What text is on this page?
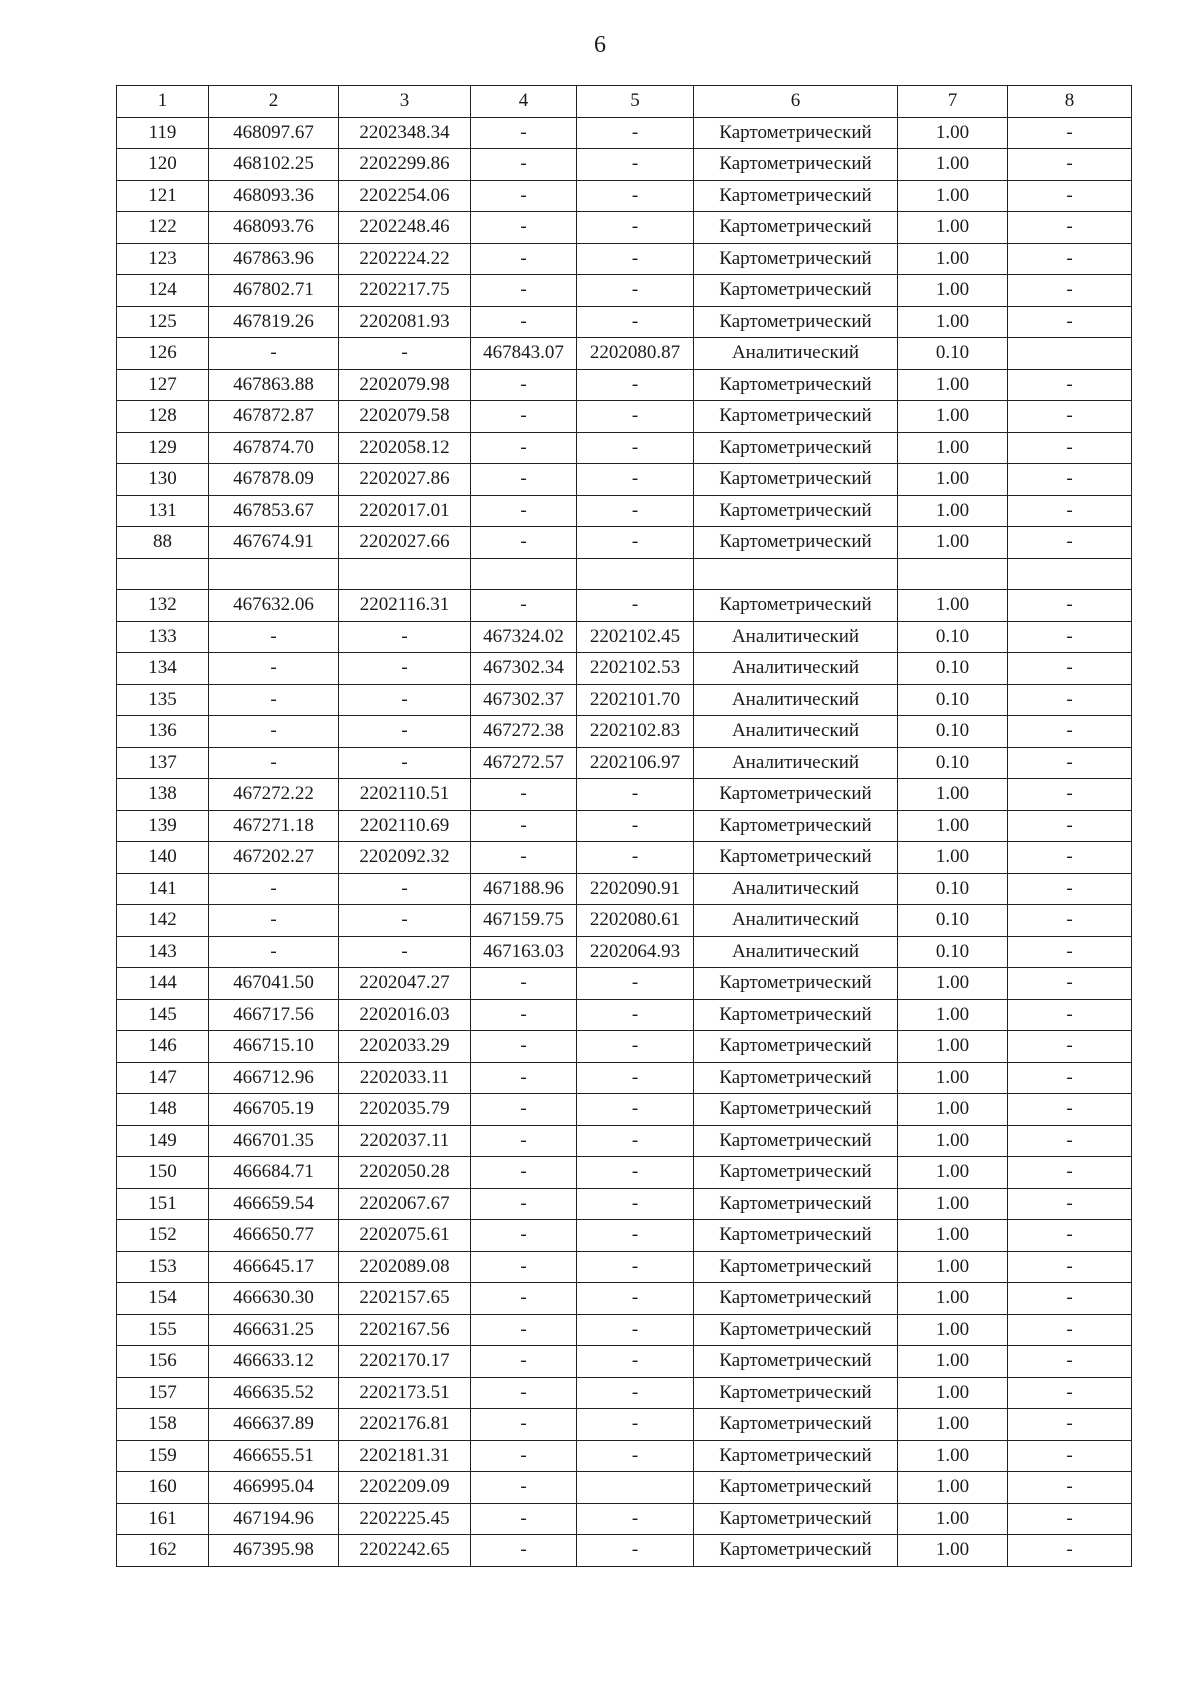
6
1	2	3	4	5	6	7	8
119	468097.67	2202348.34	-	-	Картометрический	1.00	-
120	468102.25	2202299.86	-	-	Картометрический	1.00	-
121	468093.36	2202254.06	-	-	Картометрический	1.00	-
122	468093.76	2202248.46	-	-	Картометрический	1.00	-
123	467863.96	2202224.22	-	-	Картометрический	1.00	-
124	467802.71	2202217.75	-	-	Картометрический	1.00	-
125	467819.26	2202081.93	-	-	Картометрический	1.00	-
126	-	-	467843.07	2202080.87	Аналитический	0.10	
127	467863.88	2202079.98	-	-	Картометрический	1.00	-
128	467872.87	2202079.58	-	-	Картометрический	1.00	-
129	467874.70	2202058.12	-	-	Картометрический	1.00	-
130	467878.09	2202027.86	-	-	Картометрический	1.00	-
131	467853.67	2202017.01	-	-	Картометрический	1.00	-
88	467674.91	2202027.66	-	-	Картометрический	1.00	-

132	467632.06	2202116.31	-	-	Картометрический	1.00	-
133	-	-	467324.02	2202102.45	Аналитический	0.10	-
134	-	-	467302.34	2202102.53	Аналитический	0.10	-
135	-	-	467302.37	2202101.70	Аналитический	0.10	-
136	-	-	467272.38	2202102.83	Аналитический	0.10	-
137	-	-	467272.57	2202106.97	Аналитический	0.10	-
138	467272.22	2202110.51	-	-	Картометрический	1.00	-
139	467271.18	2202110.69	-	-	Картометрический	1.00	-
140	467202.27	2202092.32	-	-	Картометрический	1.00	-
141	-	-	467188.96	2202090.91	Аналитический	0.10	-
142	-	-	467159.75	2202080.61	Аналитический	0.10	-
143	-	-	467163.03	2202064.93	Аналитический	0.10	-
144	467041.50	2202047.27	-	-	Картометрический	1.00	-
145	466717.56	2202016.03	-	-	Картометрический	1.00	-
146	466715.10	2202033.29	-	-	Картометрический	1.00	-
147	466712.96	2202033.11	-	-	Картометрический	1.00	-
148	466705.19	2202035.79	-	-	Картометрический	1.00	-
149	466701.35	2202037.11	-	-	Картометрический	1.00	-
150	466684.71	2202050.28	-	-	Картометрический	1.00	-
151	466659.54	2202067.67	-	-	Картометрический	1.00	-
152	466650.77	2202075.61	-	-	Картометрический	1.00	-
153	466645.17	2202089.08	-	-	Картометрический	1.00	-
154	466630.30	2202157.65	-	-	Картометрический	1.00	-
155	466631.25	2202167.56	-	-	Картометрический	1.00	-
156	466633.12	2202170.17	-	-	Картометрический	1.00	-
157	466635.52	2202173.51	-	-	Картометрический	1.00	-
158	466637.89	2202176.81	-	-	Картометрический	1.00	-
159	466655.51	2202181.31	-	-	Картометрический	1.00	-
160	466995.04	2202209.09	-		Картометрический	1.00	-
161	467194.96	2202225.45	-	-	Картометрический	1.00	-
162	467395.98	2202242.65	-	-	Картометрический	1.00	-
